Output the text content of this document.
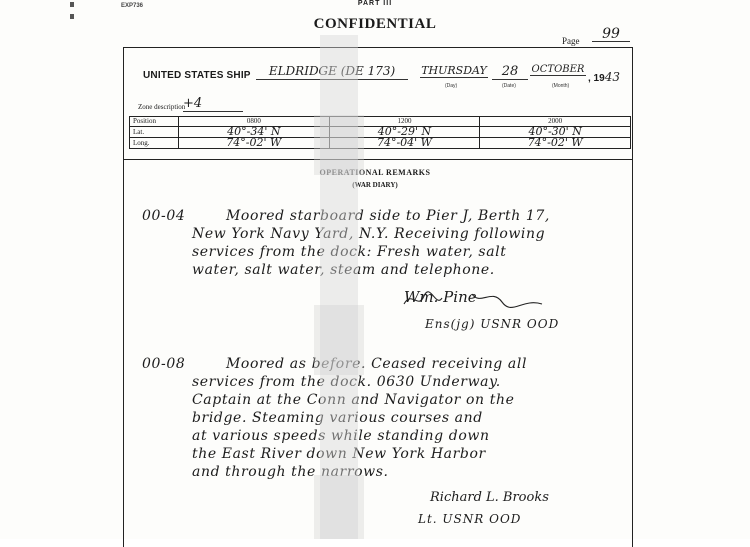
EXP736	PART III
CONFIDENTIAL
Page	99
UNITED STATES SHIP	ELDRIDGE (DE 173)	THURSDAY
(Day)
28
(Date)
OCTOBER
(Month)
, 1943
Zone description
+4
Position	0800	1200	2000
Lat.	40°-34' N	40°-29' N	40°-30' N
Long.	74°-02' W	74°-04' W	74°-02' W
OPERATIONAL REMARKS
(WAR DIARY)
00-04	Moored starboard side to Pier J, Berth 17,
New York Navy Yard, N.Y. Receiving following
services from the dock: Fresh water, salt
water, salt water, steam and telephone.
Wm. Pine
Ens(jg) USNR OOD
00-08	Moored as before. Ceased receiving all
services from the dock. 0630 Underway.
Captain at the Conn and Navigator on the
bridge. Steaming various courses and
at various speeds while standing down
the East River down New York Harbor
and through the narrows.
Richard L. Brooks
Lt. USNR OOD
